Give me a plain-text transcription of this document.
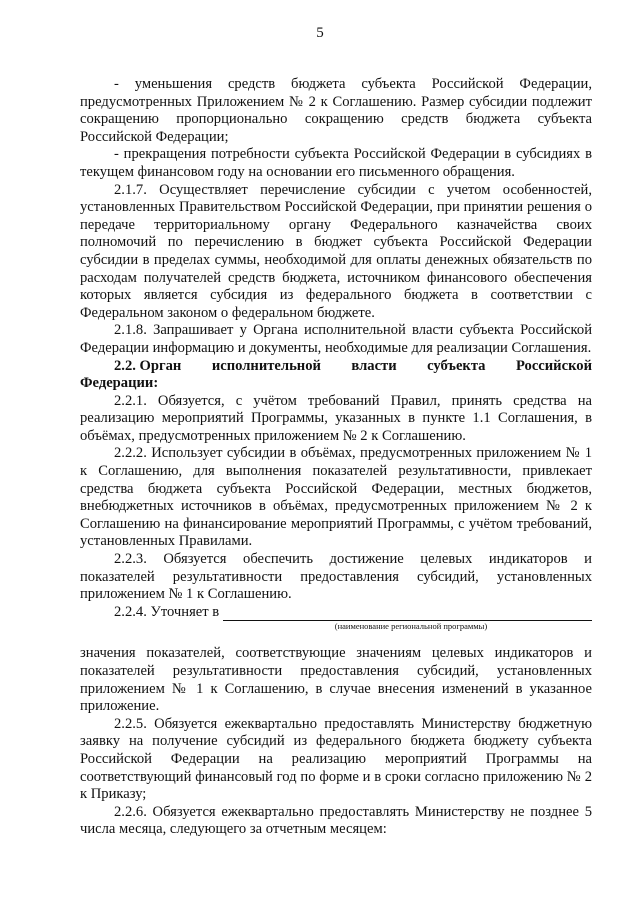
5

- уменьшения средств бюджета субъекта Российской Федерации, предусмотренных Приложением № 2 к Соглашению. Размер субсидии подлежит сокращению пропорционально сокращению средств бюджета субъекта Российской Федерации;

- прекращения потребности субъекта Российской Федерации в субсидиях в текущем финансовом году на основании его письменного обращения.

2.1.7. Осуществляет перечисление субсидии с учетом особенностей, установленных Правительством Российской Федерации, при принятии решения о передаче территориальному органу Федерального казначейства своих полномочий по перечислению в бюджет субъекта Российской Федерации субсидии в пределах суммы, необходимой для оплаты денежных обязательств по расходам получателей средств бюджета, источником финансового обеспечения которых является субсидия из федерального бюджета в соответствии с Федеральном законом о федеральном бюджете.

2.1.8. Запрашивает у Органа исполнительной власти субъекта Российской Федерации информацию и документы, необходимые для реализации Соглашения.

2.2. Орган исполнительной власти субъекта Российской

Федерации:

2.2.1. Обязуется, с учётом требований Правил, принять средства на реализацию мероприятий Программы, указанных в пункте 1.1 Соглашения, в объёмах, предусмотренных приложением № 2 к Соглашению.

2.2.2. Использует субсидии в объёмах, предусмотренных приложением № 1 к Соглашению, для выполнения показателей результативности, привлекает средства бюджета субъекта Российской Федерации, местных бюджетов, внебюджетных источников в объёмах, предусмотренных приложением № 2 к Соглашению на финансирование мероприятий Программы, с учётом требований, установленных Правилами.

2.2.3. Обязуется обеспечить достижение целевых индикаторов и показателей результативности предоставления субсидий, установленных приложением № 1 к Соглашению.

2.2.4. Уточняет в
(наименование региональной программы)

значения показателей, соответствующие значениям целевых индикаторов и показателей результативности предоставления субсидий, установленных приложением № 1 к Соглашению, в случае внесения изменений в указанное приложение.

2.2.5. Обязуется ежеквартально предоставлять Министерству бюджетную заявку на получение субсидий из федерального бюджета бюджету субъекта Российской Федерации на реализацию мероприятий Программы на соответствующий финансовый год по форме и в сроки согласно приложению № 2 к Приказу;

2.2.6. Обязуется ежеквартально предоставлять Министерству не позднее 5 числа месяца, следующего за отчетным месяцем:
